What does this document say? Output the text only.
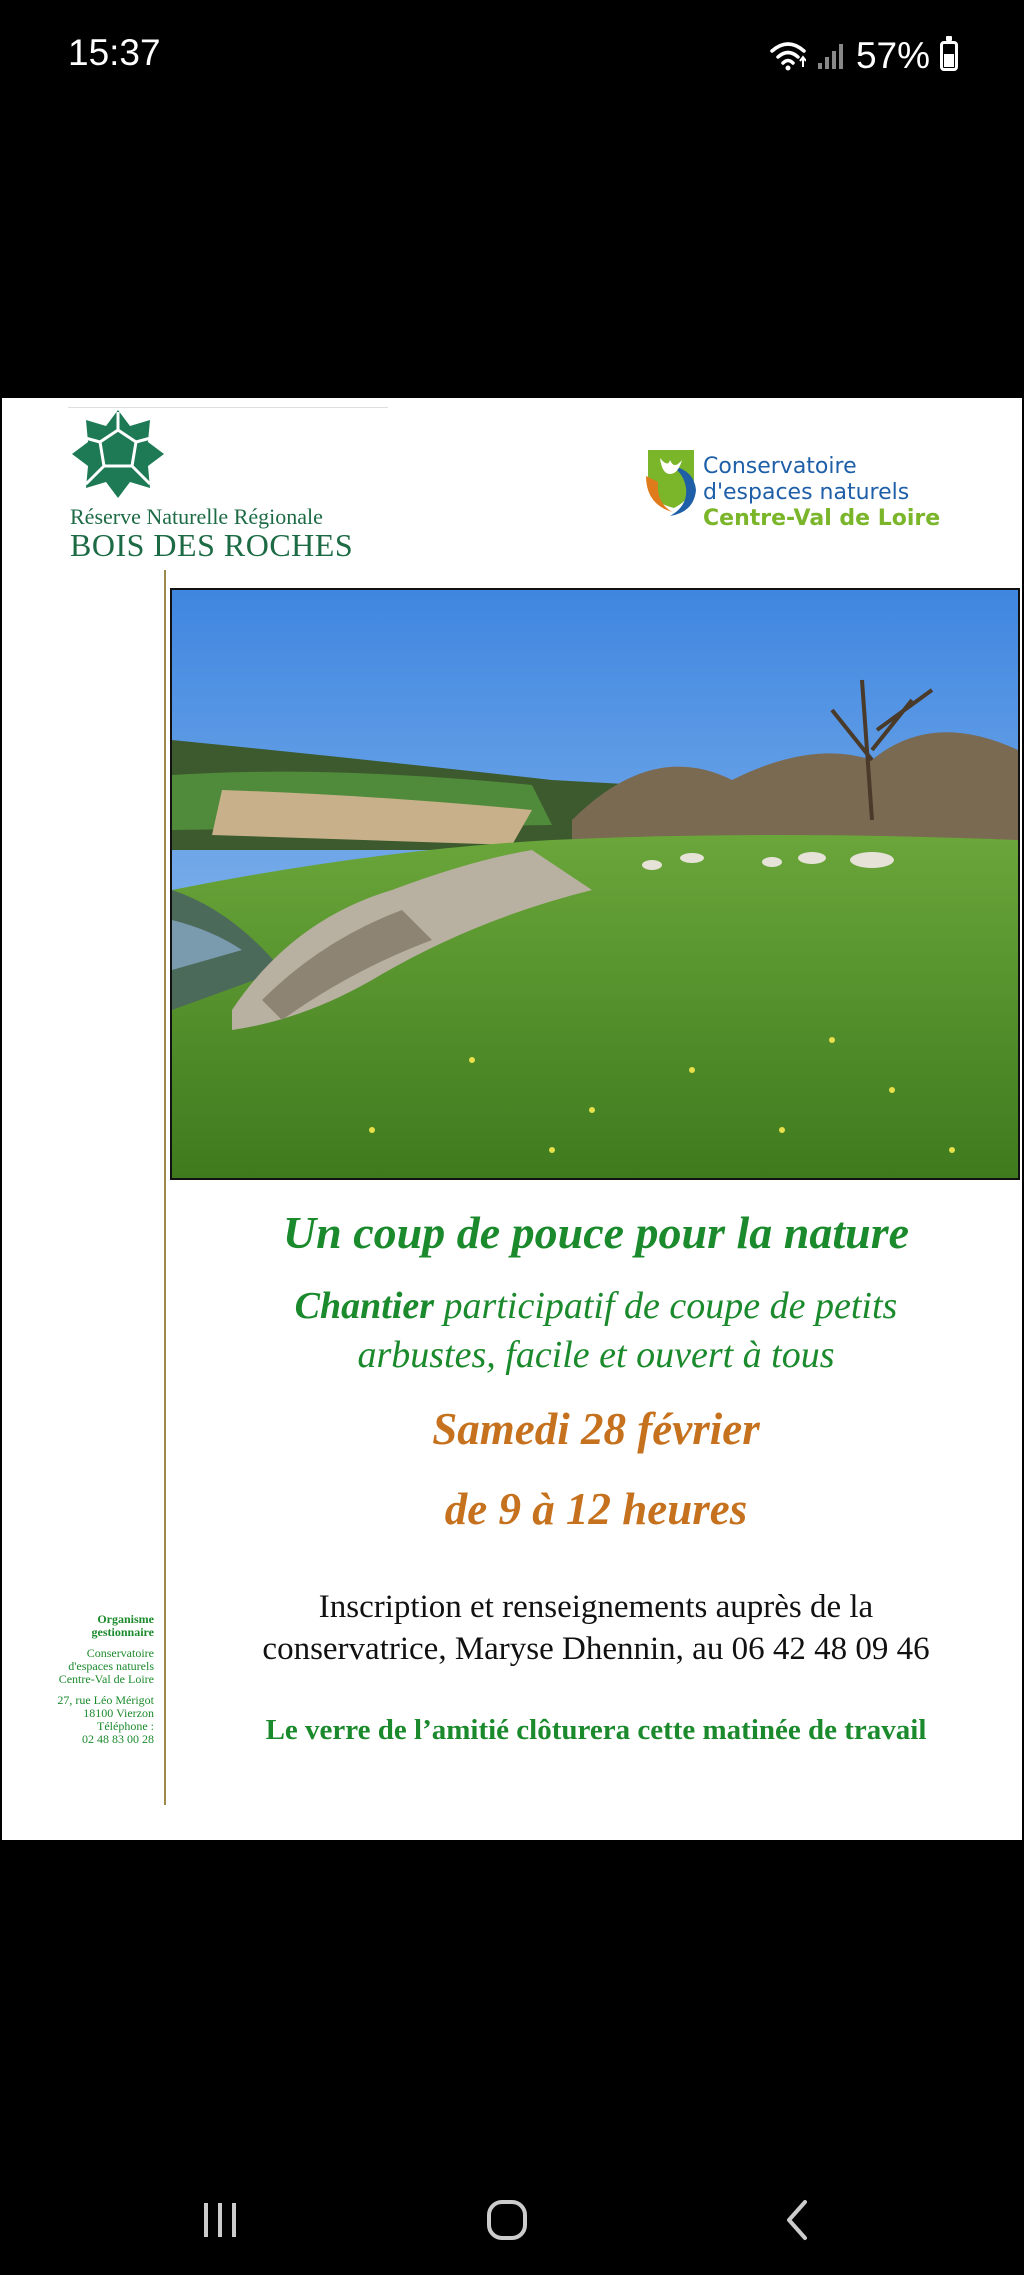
15:37	57%
Réserve Naturelle Régionale
BOIS DES ROCHES
Conservatoire
d'espaces naturels
Centre-Val de Loire
Un coup de pouce pour la nature
Chantier participatif de coupe de petits
arbustes, facile et ouvert à tous
Samedi 28 février
de 9 à 12 heures
Inscription et renseignements auprès de la
conservatrice, Maryse Dhennin, au 06 42 48 09 46
Le verre de l’amitié clôturera cette matinée de travail
Organisme
gestionnaire
Conservatoire
d'espaces naturels
Centre-Val de Loire
27, rue Léo Mérigot
18100 Vierzon
Téléphone :
02 48 83 00 28
